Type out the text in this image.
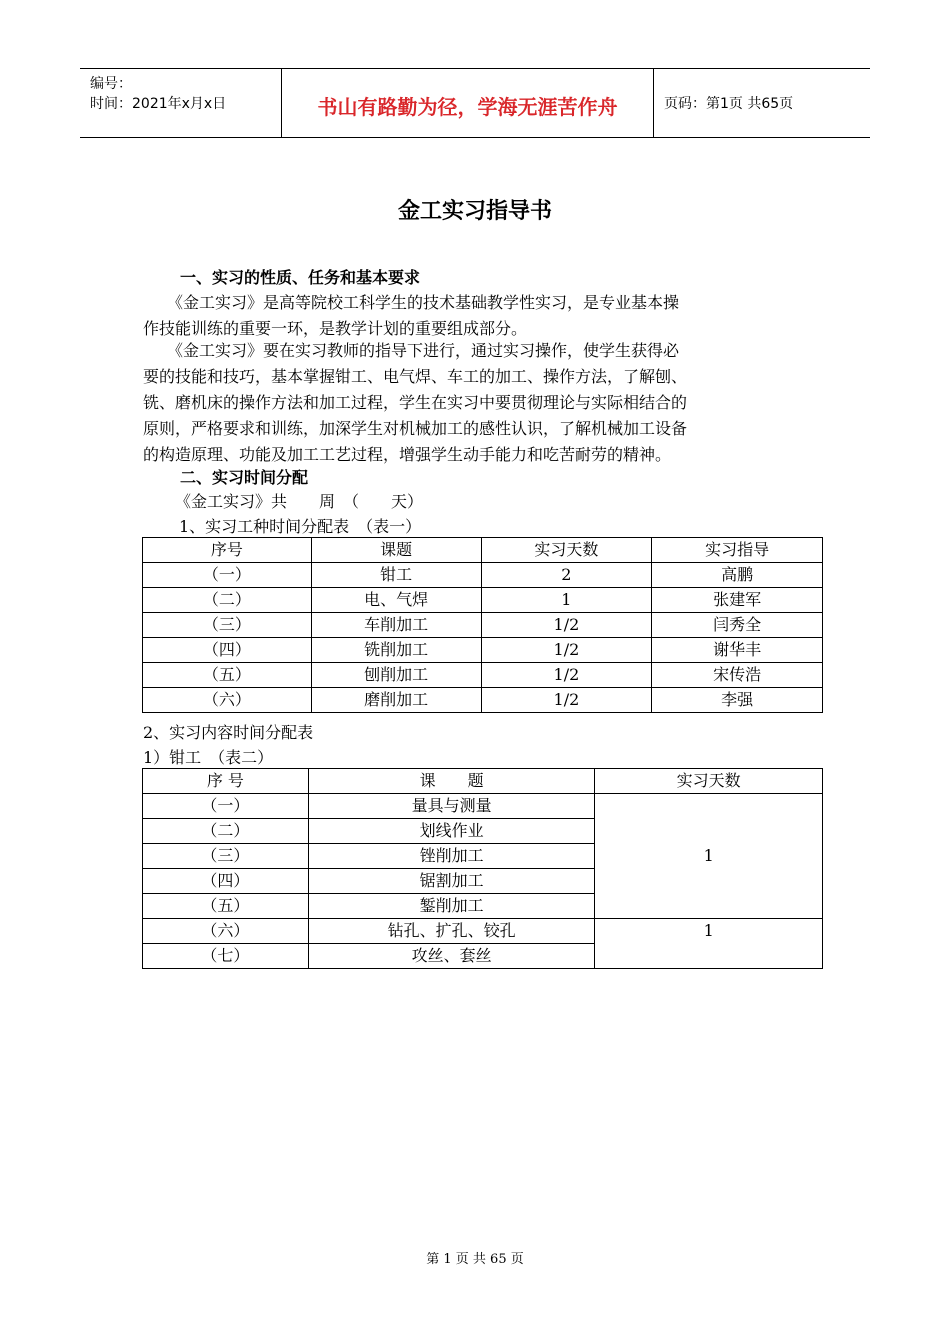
编号：
时间：2021年x月x日	书山有路勤为径，学海无涯苦作舟	页码：第1页 共65页
金工实习指导书
一、实习的性质、任务和基本要求
　　《金工实习》是高等院校工科学生的技术基础教学性实习，是专业基本操
作技能训练的重要一环，是教学计划的重要组成部分。
　　《金工实习》要在实习教师的指导下进行，通过实习操作，使学生获得必
要的技能和技巧，基本掌握钳工、电气焊、车工的加工、操作方法，了解刨、
铣、磨机床的操作方法和加工过程，学生在实习中要贯彻理论与实际相结合的
原则，严格要求和训练，加深学生对机械加工的感性认识，了解机械加工设备
的构造原理、功能及加工工艺过程，增强学生动手能力和吃苦耐劳的精神。
二、实习时间分配
《金工实习》共　　周　（　　天）
1、实习工种时间分配表　（表一）
序号	课题	实习天数	实习指导
（一）	钳工	2	高鹏
（二）	电、气焊	1	张建军
（三）	车削加工	1/2	闫秀全
（四）	铣削加工	1/2	谢华丰
（五）	刨削加工	1/2	宋传浩
（六）	磨削加工	1/2	李强
2、实习内容时间分配表
1）钳工　（表二）
序 号	课　　题	实习天数
（一）	量具与测量	1
（二）	划线作业	
（三）	锉削加工	
（四）	锯割加工	
（五）	錾削加工	
（六）	钻孔、扩孔、铰孔	1
（七）	攻丝、套丝	
第 1 页 共 65 页
